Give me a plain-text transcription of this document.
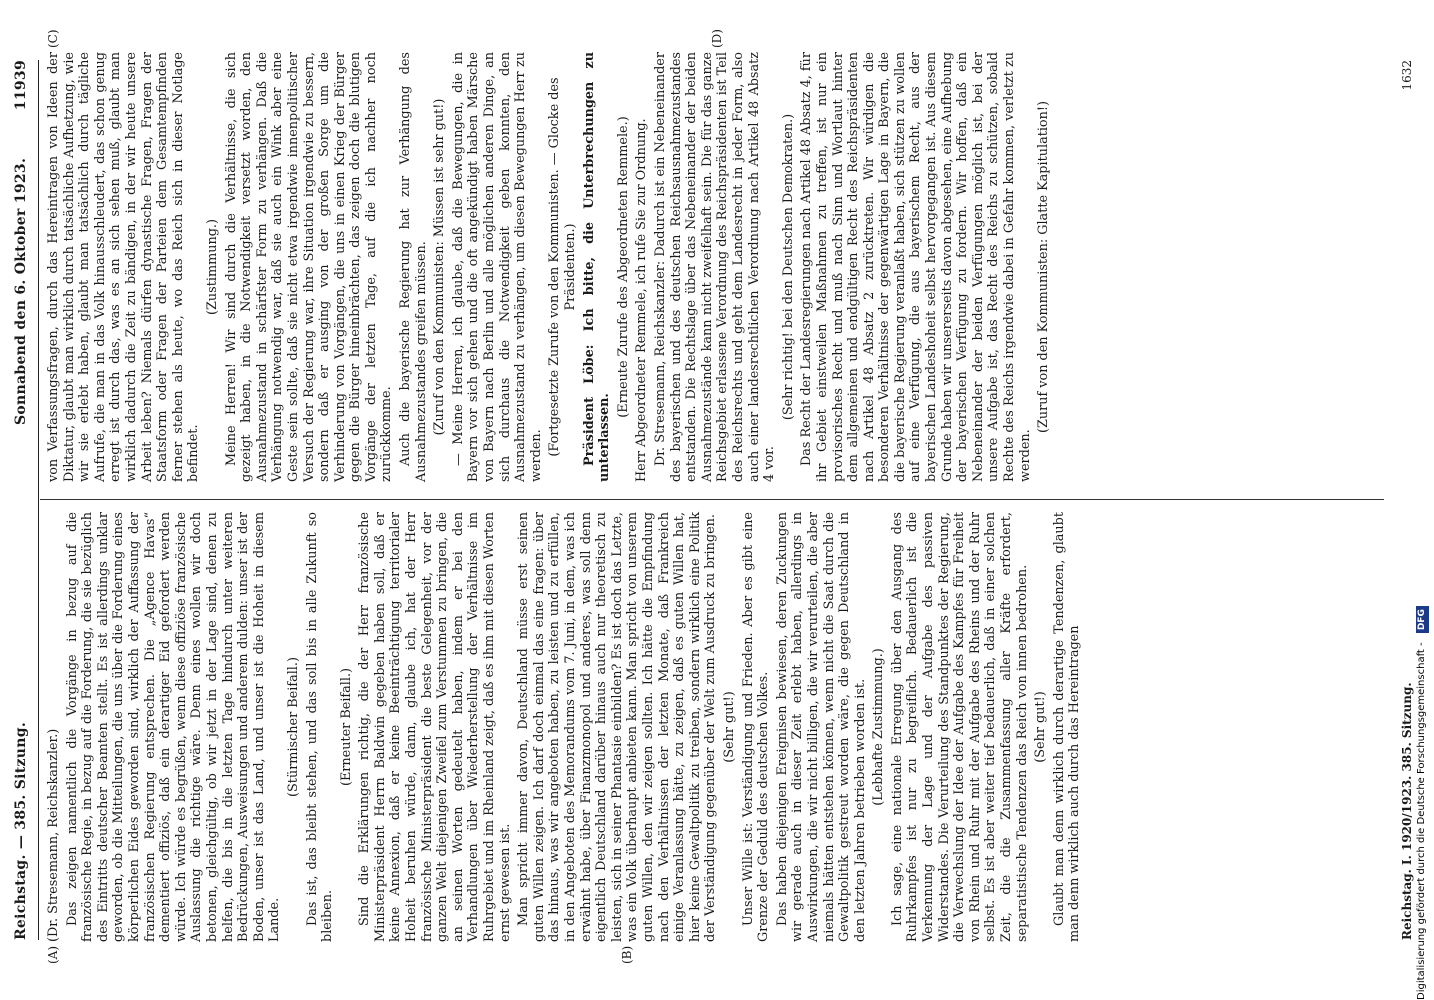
Reichstag. — 385. Sitzung.
Sonnabend den 6. Oktober 1923.
11939
(A)	(B)
(C)	(D)

(Dr. Stresemann, Reichskanzler.) Das zeigen namentlich die Vorgänge in bezug auf die französische Regie, in bezug auf die Forderung, die sie bezüglich des Eintritts deutscher Beamten stellt. Es ist allerdings unklar geworden, ob die Mitteilungen, die uns über die Forderung eines körperlichen Eides geworden sind, wirklich der Auffassung der französischen Regierung entsprechen. Die „Agence Havas“ dementiert offiziös, daß ein derartiger Eid gefordert werden würde. Ich würde es begrüßen, wenn diese offiziöse französische Auslassung die richtige wäre. Denn eines wollen wir doch betonen, gleichgültig, ob wir jetzt in der Lage sind, denen zu helfen, die bis in die letzten Tage hindurch unter weiteren Bedrückungen, Ausweisungen und anderem dulden: unser ist der Boden, unser ist das Land, und unser ist die Hoheit in diesem Lande.

(Stürmischer Beifall.) Das ist, das bleibt stehen, und das soll bis in alle Zukunft so bleiben.

(Erneuter Beifall.) Sind die Erklärungen richtig, die der Herr französische Ministerpräsident Herrn Baldwin gegeben haben soll, daß er keine Annexion, daß er keine Beeinträchtigung territorialer Hoheit beruhen würde, dann, glaube ich, hat der Herr französische Ministerpräsident die beste Gelegenheit, vor der ganzen Welt diejenigen Zweifel zum Verstummen zu bringen, die an seinen Worten gedeutelt haben, indem er bei den Verhandlungen über Wiederherstellung der Verhältnisse im Ruhrgebiet und im Rheinland zeigt, daß es ihm mit diesen Worten ernst gewesen ist. Man spricht immer davon, Deutschland müsse erst seinen guten Willen zeigen. Ich darf doch einmal das eine fragen: über das hinaus, was wir angeboten haben, zu leisten und zu erfüllen, in den Angeboten des Memorandums vom 7. Juni, in dem, was ich erwähnt habe, über Finanzmonopol und anderes, was soll denn eigentlich Deutschland darüber hinaus auch nur theoretisch zu leisten, sich in seiner Phantasie einbilden? Es ist doch das Letzte, was ein Volk überhaupt anbieten kann. Man spricht von unserem guten Willen, den wir zeigen sollten. Ich hätte die Empfindung nach den Verhältnissen der letzten Monate, daß Frankreich einige Veranlassung hätte, zu zeigen, daß es guten Willen hat, hier keine Gewaltpolitik zu treiben, sondern wirklich eine Politik der Verständigung gegenüber der Welt zum Ausdruck zu bringen. (Sehr gut!) Unser Wille ist: Verständigung und Frieden. Aber es gibt eine Grenze der Geduld des deutschen Volkes. Das haben diejenigen Ereignisen bewiesen, deren Zuckungen wir gerade auch in dieser Zeit erlebt haben, allerdings in Auswirkungen, die wir nicht billigen, die wir verurteilen, die aber niemals hätten entstehen können, wenn nicht die Saat durch die Gewaltpolitik gestreut worden wäre, die gegen Deutschland in den letzten Jahren betrieben worden ist. (Lebhafte Zustimmung.) Ich sage, eine nationale Erregung über den Ausgang des Ruhrkampfes ist nur zu begreiflich. Bedauerlich ist die Verkennung der Lage und der Aufgabe des passiven Widerstandes. Die Verurteilung des Standpunktes der Regierung, die Verwechslung der Idee der Aufgabe des Kampfes für Freiheit von Rhein und Ruhr mit der Aufgabe des Rheins und der Ruhr selbst. Es ist aber weiter tief bedauerlich, daß in einer solchen Zeit, die die Zusammenfassung aller Kräfte erfordert, separatistische Tendenzen das Reich von innen bedrohen. (Sehr gut!) Glaubt man denn wirklich durch derartige Tendenzen, glaubt man denn wirklich auch durch das Hereintragen

von Verfassungsfragen, durch das Hereintragen von Ideen der Diktatur, glaubt man wirklich durch tatsächliche Aufhetzung, wie wir sie erlebt haben, glaubt man tatsächlich durch tägliche Aufrufe, die man in das Volk hinausschleudert, das schon genug erregt ist durch das, was es an sich sehen muß, glaubt man wirklich dadurch die Zeit zu bändigen, in der wir heute unsere Arbeit leben? Niemals dürfen dynastische Fragen, Fragen der Staatsform oder Fragen der Parteien dem Gesamtempfinden ferner stehen als heute, wo das Reich sich in dieser Notlage befindet.

(Zustimmung.) Meine Herren! Wir sind durch die Verhältnisse, die sich gezeigt haben, in die Notwendigkeit versetzt worden, den Ausnahmezustand in schärfster Form zu verhängen. Daß die Verhängung notwendig war, daß sie auch ein Wink aber eine Geste sein sollte, daß sie nicht etwa irgendwie innenpolitischer Versuch der Regierung war, ihre Situation irgendwie zu bessern, sondern daß er ausging von der großen Sorge um die Verhinderung von Vorgängen, die uns in einen Krieg der Bürger gegen die Bürger hineinbrächten, das zeigen doch die blutigen Vorgänge der letzten Tage, auf die ich nachher noch zurückkomme. Auch die bayerische Regierung hat zur Verhängung des Ausnahmezustandes greifen müssen. (Zuruf von den Kommunisten: Müssen ist sehr gut!) — Meine Herren, ich glaube, daß die Bewegungen, die in Bayern vor sich gehen und die oft angekündigt haben Märsche von Bayern nach Berlin und alle möglichen anderen Dinge, an sich durchaus die Notwendigkeit geben konnten, den Ausnahmezustand zu verhängen, um diesen Bewegungen Herr zu werden. (Fortgesetzte Zurufe von den Kommunisten. — Glocke des Präsidenten.) Präsident Löbe: Ich bitte, die Unterbrechungen zu unterlassen.

(Erneute Zurufe des Abgeordneten Remmele.) Herr Abgeordneter Remmele, ich rufe Sie zur Ordnung. Dr. Stresemann, Reichskanzler: Dadurch ist ein Nebeneinander des bayerischen und des deutschen Reichsausnahmezustandes entstanden. Die Rechtslage über das Nebeneinander der beiden Ausnahmezustände kann nicht zweifelhaft sein. Die für das ganze Reichsgebiet erlassene Verordnung des Reichspräsidenten ist Teil des Reichsrechts und geht dem Landesrecht in jeder Form, also auch einer landesrechtlichen Verordnung nach Artikel 48 Absatz 4 vor.

(Sehr richtig! bei den Deutschen Demokraten.) Das Recht der Landesregierungen nach Artikel 48 Absatz 4, für ihr Gebiet einstweilen Maßnahmen zu treffen, ist nur ein provisorisches Recht und muß nach Sinn und Wortlaut hinter dem allgemeinen und endgültigen Recht des Reichspräsidenten nach Artikel 48 Absatz 2 zurücktreten. Wir würdigen die besonderen Verhältnisse der gegenwärtigen Lage in Bayern, die die bayerische Regierung veranlaßt haben, sich stützen zu wollen auf eine Verfügung, die aus bayerischem Recht, aus der bayerischen Landeshoheit selbst hervorgegangen ist. Aus diesem Grunde haben wir unsererseits davon abgesehen, eine Aufhebung der bayerischen Verfügung zu fordern. Wir hoffen, daß ein Nebeneinander der beiden Verfügungen möglich ist, bei der unsere Aufgabe ist, das Recht des Reichs zu schützen, sobald Rechte des Reichs irgendwie dabei in Gefahr kommen, verletzt zu werden.

(Zuruf von den Kommunisten: Glatte Kapitulation!)

Reichstag. I. 1920/1923. 385. Sitzung.
1632
Digitalisierung gefördert durch die Deutsche Forschungsgemeinschaft - DFG
